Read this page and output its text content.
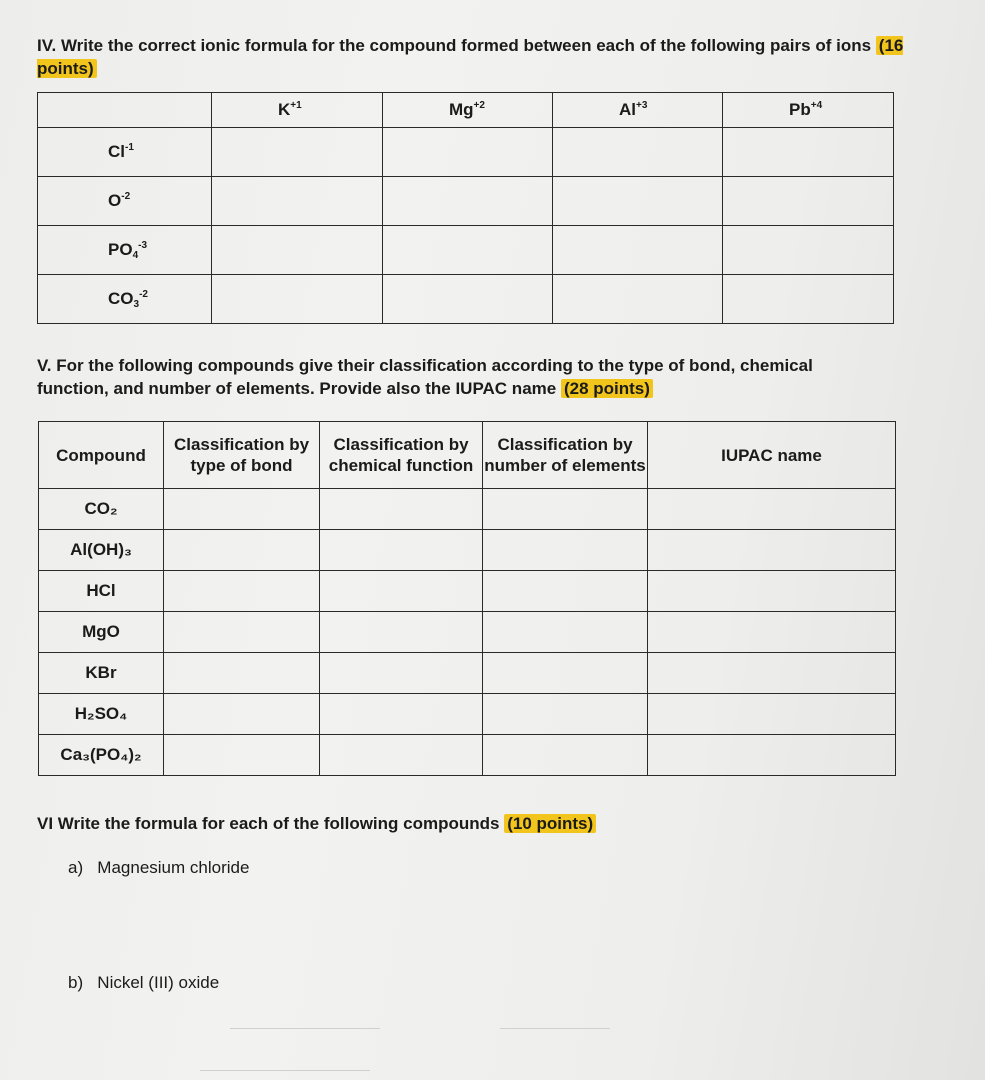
IV. Write the correct ionic formula for the compound formed between each of the following pairs of ions (16 points)

	$K^{+1}$	$Mg^{+2}$	$Al^{+3}$	$Pb^{+4}$
$Cl^{-1}$				
$O^{-2}$				
$PO_4^{-3}$				
$CO_3^{-2}$				

V. For the following compounds give their classification according to the type of bond, chemical function, and number of elements. Provide also the IUPAC name (28 points)

Compound	Classification by type of bond	Classification by chemical function	Classification by number of elements	IUPAC name
CO₂				
Al(OH)₃				
HCl				
MgO				
KBr				
H₂SO₄				
Ca₃(PO₄)₂				

VI Write the formula for each of the following compounds (10 points)

a) Magnesium chloride

b) Nickel (III) oxide
